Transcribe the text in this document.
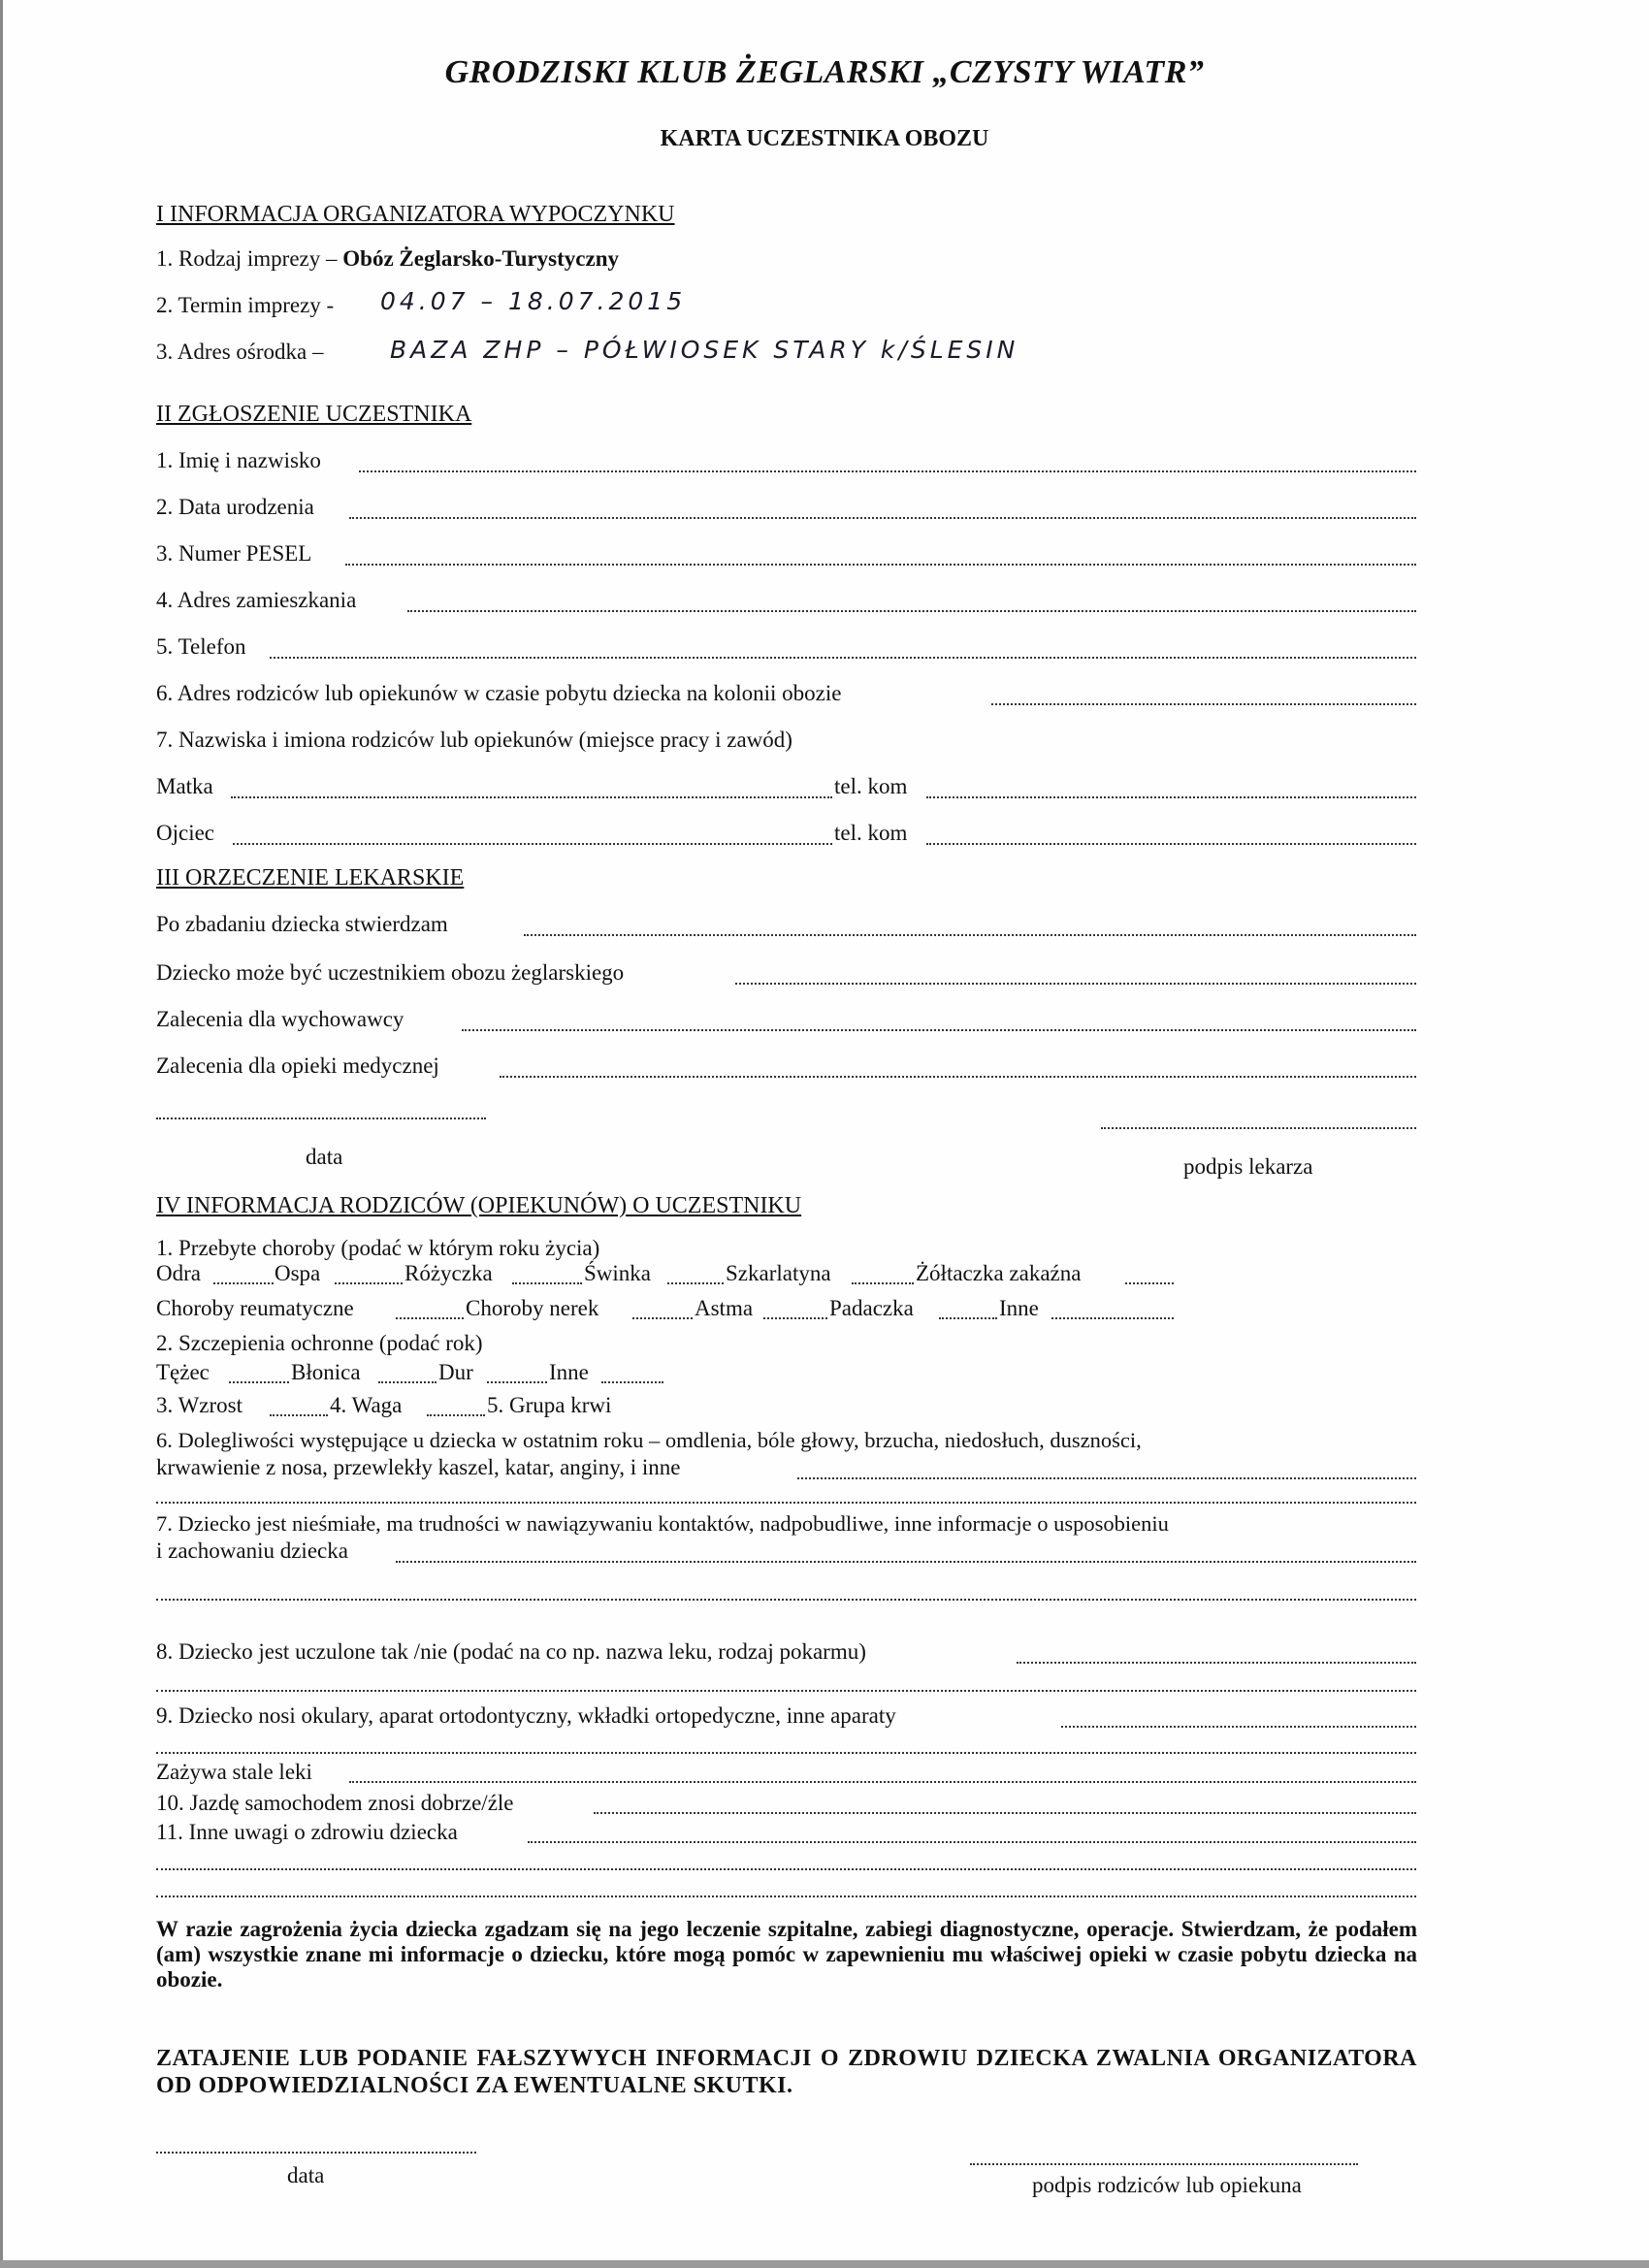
GRODZISKI KLUB ŻEGLARSKI „CZYSTY WIATR”
KARTA UCZESTNIKA OBOZU
I INFORMACJA ORGANIZATORA WYPOCZYNKU
1. Rodzaj imprezy – Obóz Żeglarsko-Turystyczny
2. Termin imprezy - 04.07 – 18.07.2015
3. Adres ośrodka –	BAZA ZHP – PÓŁWIOSEK STARY k/ŚLESIN
II ZGŁOSZENIE UCZESTNIKA
1. Imię i nazwisko
2. Data urodzenia
3. Numer PESEL
4. Adres zamieszkania
5. Telefon
6. Adres rodziców lub opiekunów w czasie pobytu dziecka na kolonii obozie
7. Nazwiska i imiona rodziców lub opiekunów (miejsce pracy i zawód)
Matka	tel. kom
Ojciec	tel. kom
III ORZECZENIE LEKARSKIE
Po zbadaniu dziecka stwierdzam
Dziecko może być uczestnikiem obozu żeglarskiego
Zalecenia dla wychowawcy
Zalecenia dla opieki medycznej
data	podpis lekarza
IV INFORMACJA RODZICÓW (OPIEKUNÓW) O UCZESTNIKU
1. Przebyte choroby (podać w którym roku życia)
Odra	Ospa	Różyczka	Świnka	Szkarlatyna	Żółtaczka zakaźna
Choroby reumatyczne	Choroby nerek	Astma	Padaczka	Inne
2. Szczepienia ochronne (podać rok)
Tężec	Błonica	Dur	Inne
3. Wzrost	4. Waga	5. Grupa krwi
6. Dolegliwości występujące u dziecka w ostatnim roku – omdlenia, bóle głowy, brzucha, niedosłuch, duszności,
krwawienie z nosa, przewlekły kaszel, katar, anginy, i inne
7. Dziecko jest nieśmiałe, ma trudności w nawiązywaniu kontaktów, nadpobudliwe, inne informacje o usposobieniu
i zachowaniu dziecka
8. Dziecko jest uczulone tak /nie (podać na co np. nazwa leku, rodzaj pokarmu)
9. Dziecko nosi okulary, aparat ortodontyczny, wkładki ortopedyczne, inne aparaty
Zażywa stale leki
10. Jazdę samochodem znosi dobrze/źle
11. Inne uwagi o zdrowiu dziecka
W razie zagrożenia życia dziecka zgadzam się na jego leczenie szpitalne, zabiegi diagnostyczne, operacje. Stwierdzam, że podałem (am) wszystkie znane mi informacje o dziecku, które mogą pomóc w zapewnieniu mu właściwej opieki w czasie pobytu dziecka na obozie.
ZATAJENIE LUB PODANIE FAŁSZYWYCH INFORMACJI O ZDROWIU DZIECKA ZWALNIA ORGANIZATORA OD ODPOWIEDZIALNOŚCI ZA EWENTUALNE SKUTKI.
data	podpis rodziców lub opiekuna
